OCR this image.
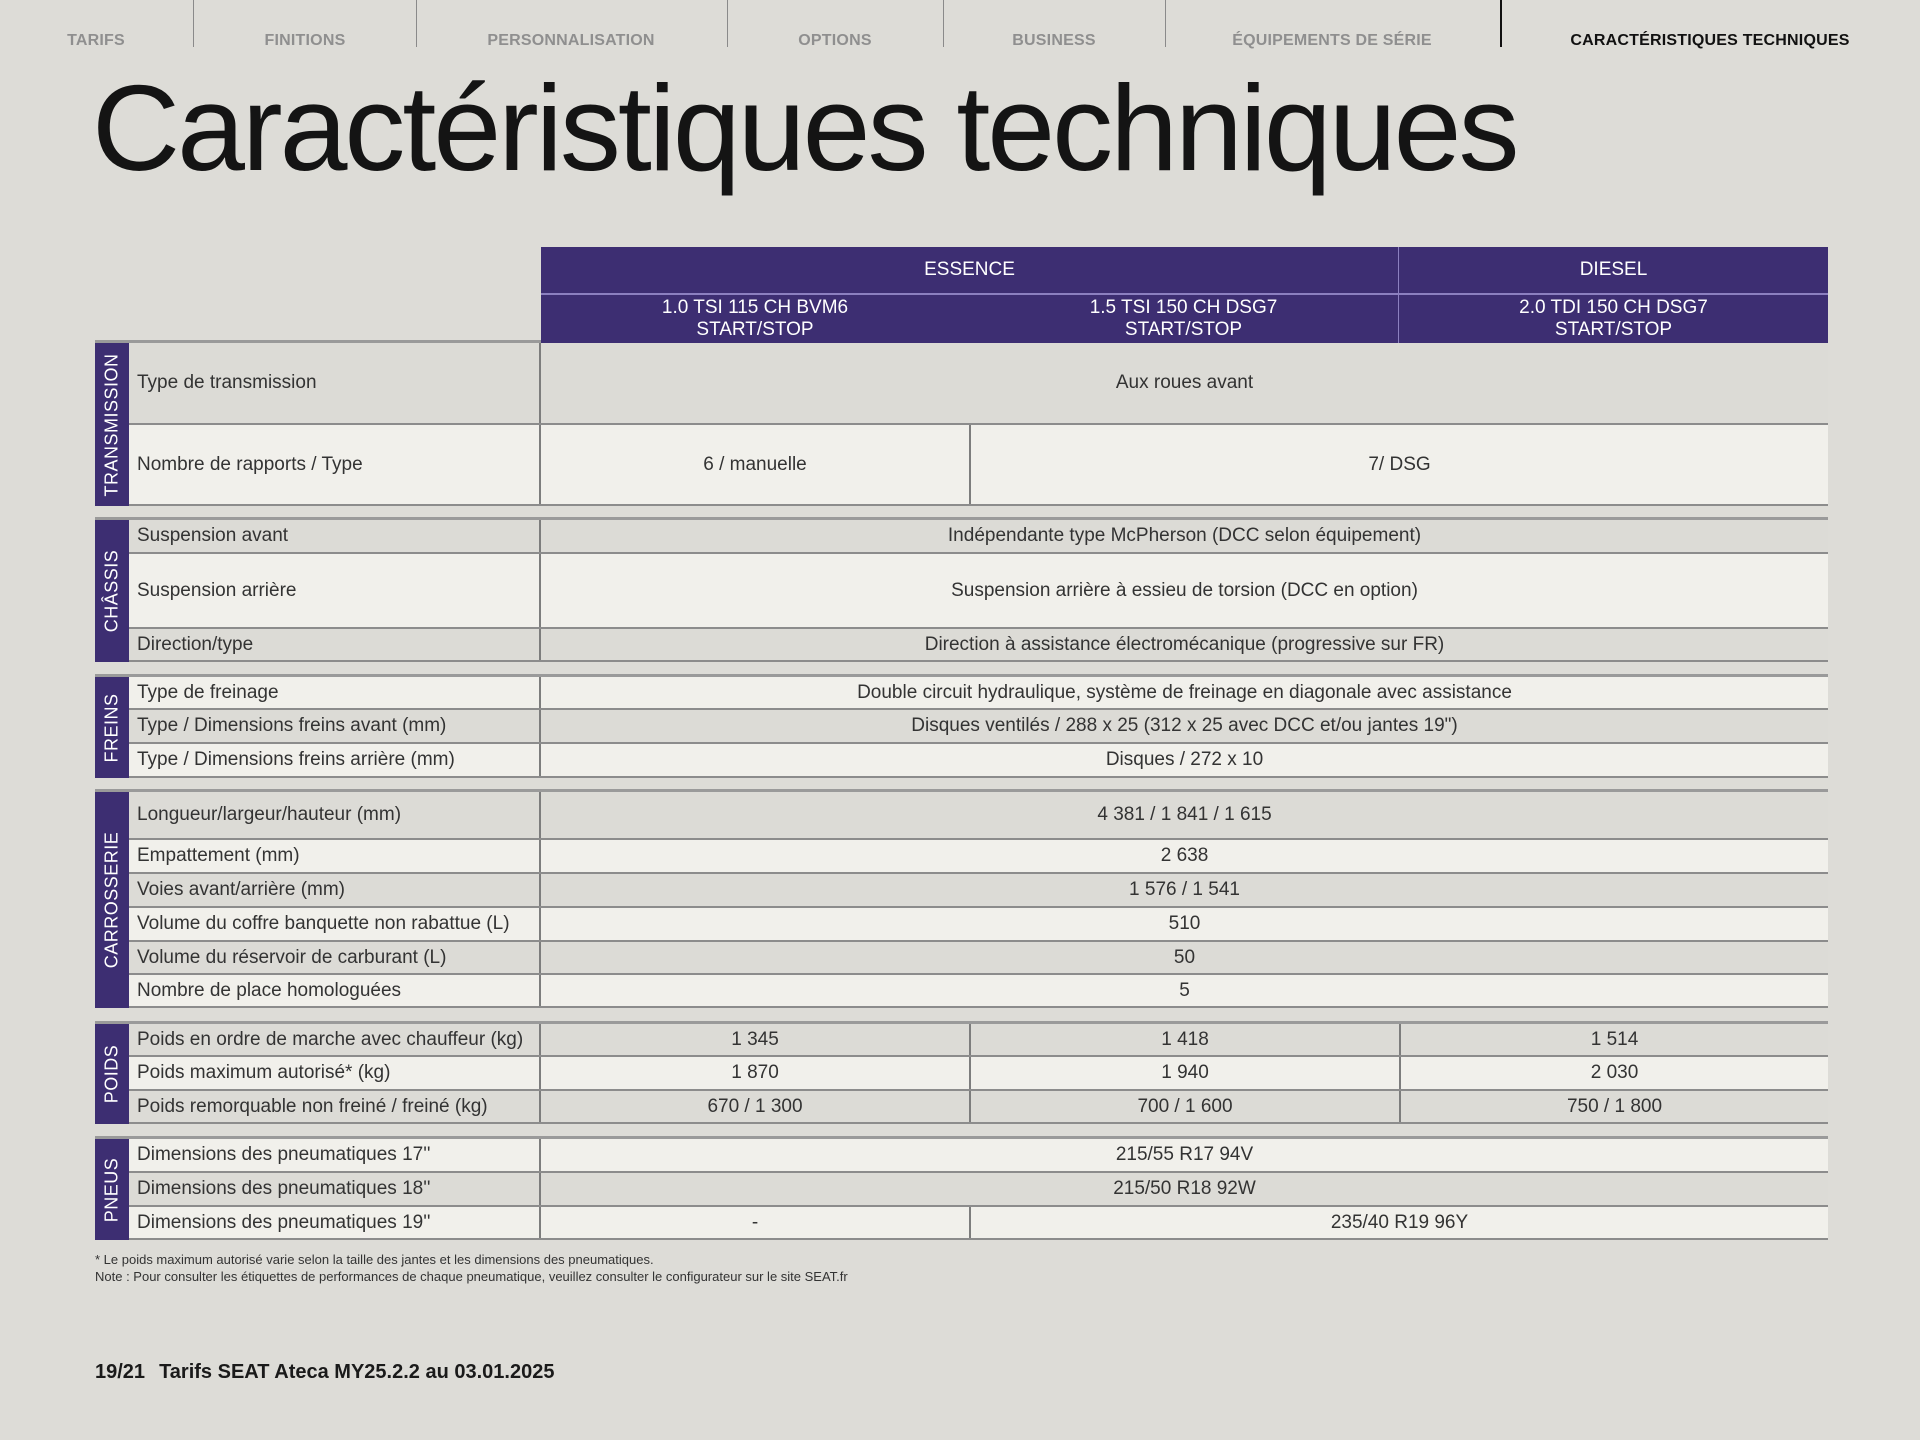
TARIFS	FINITIONS	PERSONNALISATION	OPTIONS	BUSINESS	ÉQUIPEMENTS DE SÉRIE	CARACTÉRISTIQUES TECHNIQUES
Caractéristiques techniques
ESSENCE	DIESEL
1.0 TSI 115 CH BVM6
START/STOP
1.5 TSI 150 CH DSG7
START/STOP
2.0 TDI 150 CH DSG7
START/STOP
TRANSMISSION Type de transmission	Aux roues avant
Nombre de rapports / Type	6 / manuelle	7/ DSG
CHÂSSIS
Suspension avant	Indépendante type McPherson (DCC selon équipement)
Suspension arrière	Suspension arrière à essieu de torsion (DCC en option)
Direction/type	Direction à assistance électromécanique (progressive sur FR)
FREINS
Type de freinage	Double circuit hydraulique, système de freinage en diagonale avec assistance
Type / Dimensions freins avant (mm)	Disques ventilés / 288 x 25 (312 x 25 avec DCC et/ou jantes 19")
Type / Dimensions freins arrière (mm)	Disques / 272 x 10
CARROSSERIE
Longueur/largeur/hauteur (mm)	4 381 / 1 841 / 1 615
Empattement (mm)	2 638
Voies avant/arrière (mm)	1 576 / 1 541
Volume du coffre banquette non rabattue (L)	510
Volume du réservoir de carburant (L)	50
Nombre de place homologuées	5
POIDS
Poids en ordre de marche avec chauffeur (kg)	1 345	1 418	1 514
Poids maximum autorisé* (kg)	1 870	1 940	2 030
Poids remorquable non freiné / freiné (kg)	670 / 1 300	700 / 1 600	750 / 1 800
PNEUS
Dimensions des pneumatiques 17''	215/55 R17 94V
Dimensions des pneumatiques 18''	215/50 R18 92W
Dimensions des pneumatiques 19''	-	235/40 R19 96Y
* Le poids maximum autorisé varie selon la taille des jantes et les dimensions des pneumatiques.
Note : Pour consulter les étiquettes de performances de chaque pneumatique, veuillez consulter le configurateur sur le site SEAT.fr
19/21 Tarifs SEAT Ateca MY25.2.2 au 03.01.2025
